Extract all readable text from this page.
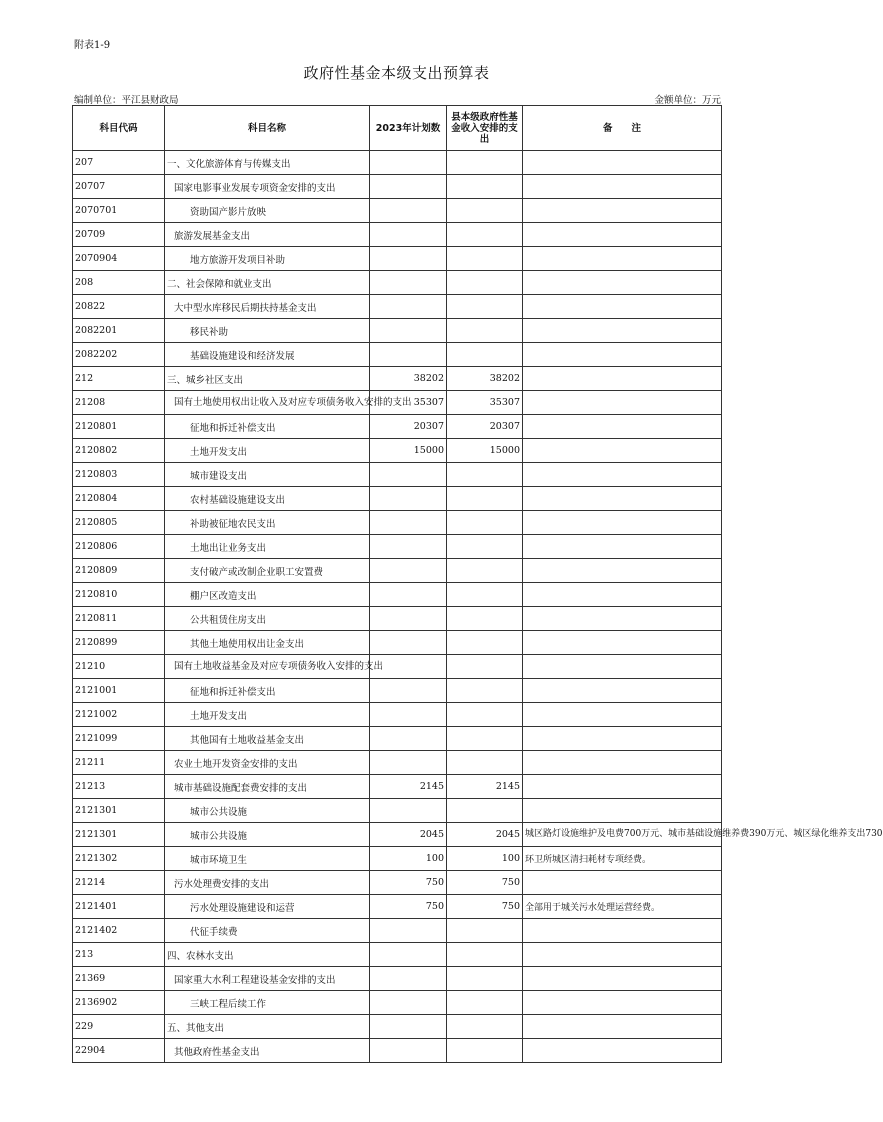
附表1-9
政府性基金本级支出预算表
编制单位：平江县财政局	金额单位：万元
科目代码	科目名称	2023年计划数	县本级政府性基金收入安排的支出	备　　注
207	一、文化旅游体育与传媒支出			
20707	国家电影事业发展专项资金安排的支出			
2070701	资助国产影片放映			
20709	旅游发展基金支出			
2070904	地方旅游开发项目补助			
208	二、社会保障和就业支出			
20822	大中型水库移民后期扶持基金支出			
2082201	移民补助			
2082202	基础设施建设和经济发展			
212	三、城乡社区支出	38202	38202	
21208	国有土地使用权出让收入及对应专项债务收入安排的支出	35307	35307	
2120801	征地和拆迁补偿支出	20307	20307	
2120802	土地开发支出	15000	15000	
2120803	城市建设支出			
2120804	农村基础设施建设支出			
2120805	补助被征地农民支出			
2120806	土地出让业务支出			
2120809	支付破产或改制企业职工安置费			
2120810	棚户区改造支出			
2120811	公共租赁住房支出			
2120899	其他土地使用权出让金支出			
21210	国有土地收益基金及对应专项债务收入安排的支出			
2121001	征地和拆迁补偿支出			
2121002	土地开发支出			
2121099	其他国有土地收益基金支出			
21211	农业土地开发资金安排的支出			
21213	城市基础设施配套费安排的支出	2145	2145	
2121301	城市公共设施			
2121301	城市公共设施	2045	2045	城区路灯设施维护及电费700万元、城市基础设施维养费390万元、城区绿化维养支出730
2121302	城市环境卫生	100	100	环卫所城区清扫耗材专项经费。
21214	污水处理费安排的支出	750	750	
2121401	污水处理设施建设和运营	750	750	全部用于城关污水处理运营经费。
2121402	代征手续费			
213	四、农林水支出			
21369	国家重大水利工程建设基金安排的支出			
2136902	三峡工程后续工作			
229	五、其他支出			
22904	其他政府性基金支出			
